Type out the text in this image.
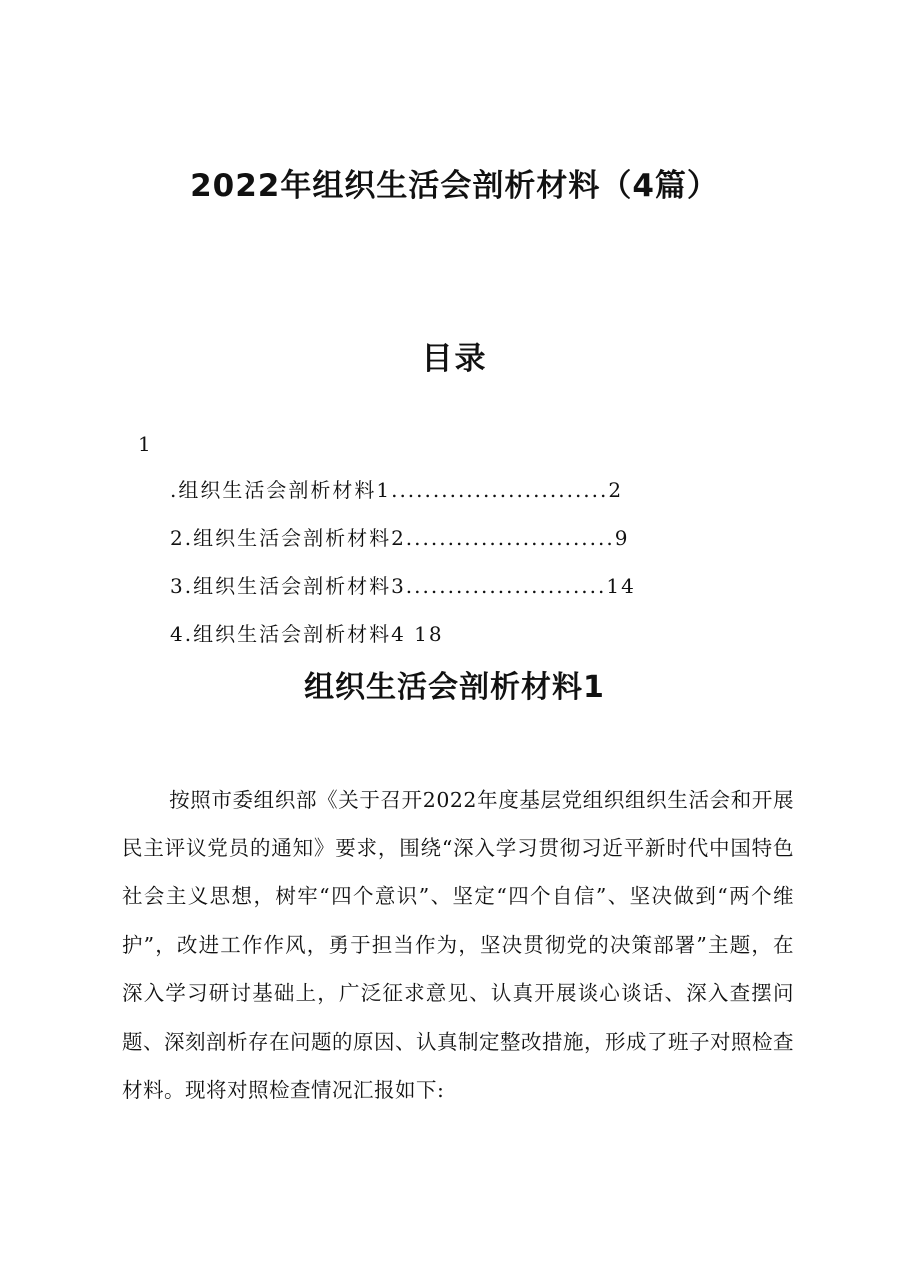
2022年组织生活会剖析材料（4篇）
目录
1
.组织生活会剖析材料1..........................2
2.组织生活会剖析材料2.........................9
3.组织生活会剖析材料3........................14
4.组织生活会剖析材料4 18
组织生活会剖析材料1

按照市委组织部《关于召开2022年度基层党组织组织生活会和开展民主评议党员的通知》要求，围绕“深入学习贯彻习近平新时代中国特色社会主义思想，树牢“四个意识”、坚定“四个自信”、坚决做到“两个维护”，改进工作作风，勇于担当作为，坚决贯彻党的决策部署”主题，在深入学习研讨基础上，广泛征求意见、认真开展谈心谈话、深入查摆问题、深刻剖析存在问题的原因、认真制定整改措施，形成了班子对照检查材料。现将对照检查情况汇报如下:
